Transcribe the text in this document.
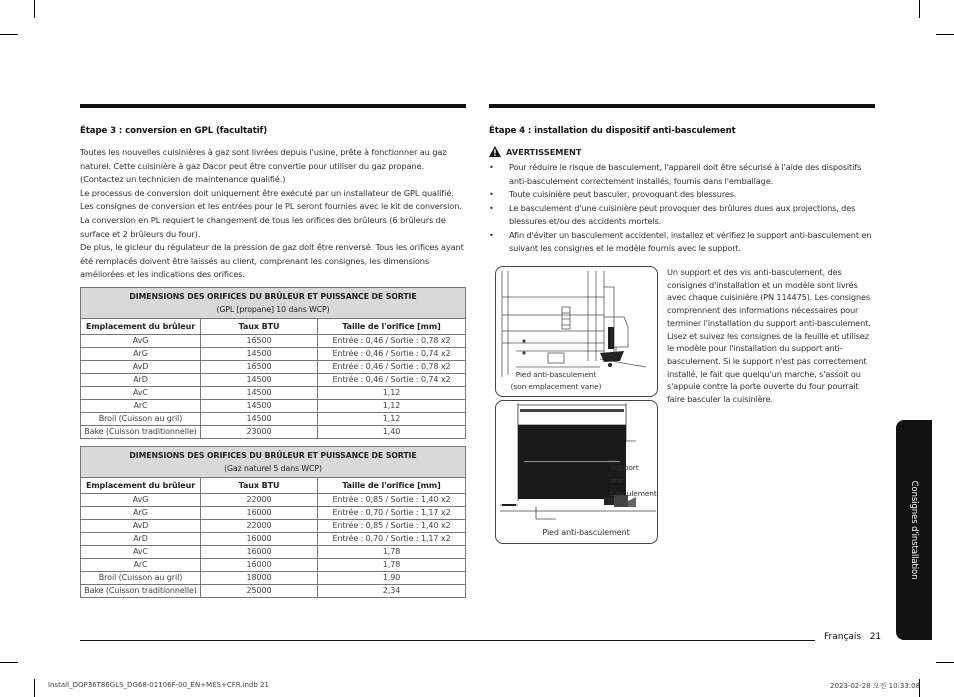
Étape 3 : conversion en GPL (facultatif)
Toutes les nouvelles cuisinières à gaz sont livrées depuis l'usine, prête à fonctionner au gaz naturel. Cette cuisinière à gaz Dacor peut être convertie pour utiliser du gaz propane.
(Contactez un technicien de maintenance qualifié.)
Le processus de conversion doit uniquement être exécuté par un installateur de GPL qualifié. Les consignes de conversion et les entrées pour le PL seront fournies avec le kit de conversion. La conversion en PL requiert le changement de tous les orifices des brûleurs (6 brûleurs de surface et 2 brûleurs du four).
De plus, le gicleur du régulateur de la pression de gaz doit être renversé. Tous les orifices ayant été remplacés doivent être laissés au client, comprenant les consignes, les dimensions améliorées et les indications des orifices.
DIMENSIONS DES ORIFICES DU BRÛLEUR ET PUISSANCE DE SORTIE
(GPL [propane] 10 dans WCP)		

Emplacement du brûleur	Taux BTU	Taille de l'orifice [mm]
AvG	16500	Entrée : 0,46 / Sortie : 0,78 x2
ArG	14500	Entrée : 0,46 / Sortie : 0,74 x2
AvD	16500	Entrée : 0,46 / Sortie : 0,78 x2
ArD	14500	Entrée : 0,46 / Sortie : 0,74 x2
AvC	14500	1,12
ArC	14500	1,12
Broil (Cuisson au gril)	14500	1,12
Bake (Cuisson traditionnelle)	23000	1,40
DIMENSIONS DES ORIFICES DU BRÛLEUR ET PUISSANCE DE SORTIE
(Gaz naturel 5 dans WCP)		

Emplacement du brûleur	Taux BTU	Taille de l'orifice [mm]
AvG	22000	Entrée : 0,85 / Sortie : 1,40 x2
ArG	16000	Entrée : 0,70 / Sortie : 1,17 x2
AvD	22000	Entrée : 0,85 / Sortie : 1,40 x2
ArD	16000	Entrée : 0,70 / Sortie : 1,17 x2
AvC	16000	1,78
ArC	16000	1,78
Broil (Cuisson au gril)	18000	1,90
Bake (Cuisson traditionnelle)	25000	2,34
Étape 4 : installation du dispositif anti-basculement
AVERTISSEMENT
• Pour réduire le risque de basculement, l'appareil doit être sécurisé à l'aide des dispositifs anti-basculement correctement installés, fournis dans l'emballage.
• Toute cuisinière peut basculer, provoquant des blessures.
• Le basculement d'une cuisinière peut provoquer des brûlures dues aux projections, des blessures et/ou des accidents mortels.
• Afin d'éviter un basculement accidentel, installez et vérifiez le support anti-basculement en suivant les consignes et le modèle fournis avec le support.
Pied anti-basculement
(son emplacement varie)
Un support et des vis anti-basculement, des consignes d'installation et un modèle sont livrés avec chaque cuisinière (PN 114475). Les consignes comprennent des informations nécessaires pour terminer l'installation du support anti-basculement. Lisez et suivez les consignes de la feuille et utilisez le modèle pour l'installation du support anti-basculement. Si le support n'est pas correctement installé, le fait que quelqu'un marche, s'assoit ou s'appuie contre la porte ouverte du four pourrait faire basculer la cuisinière.
Support
anti-basculement
Pied anti-basculement	Consignes d'installation
Français 21
Install_DOP36T86GLS_DG68-01106F-00_EN+MES+CFR.indb 21	2023-02-28 오전 10:33:08
